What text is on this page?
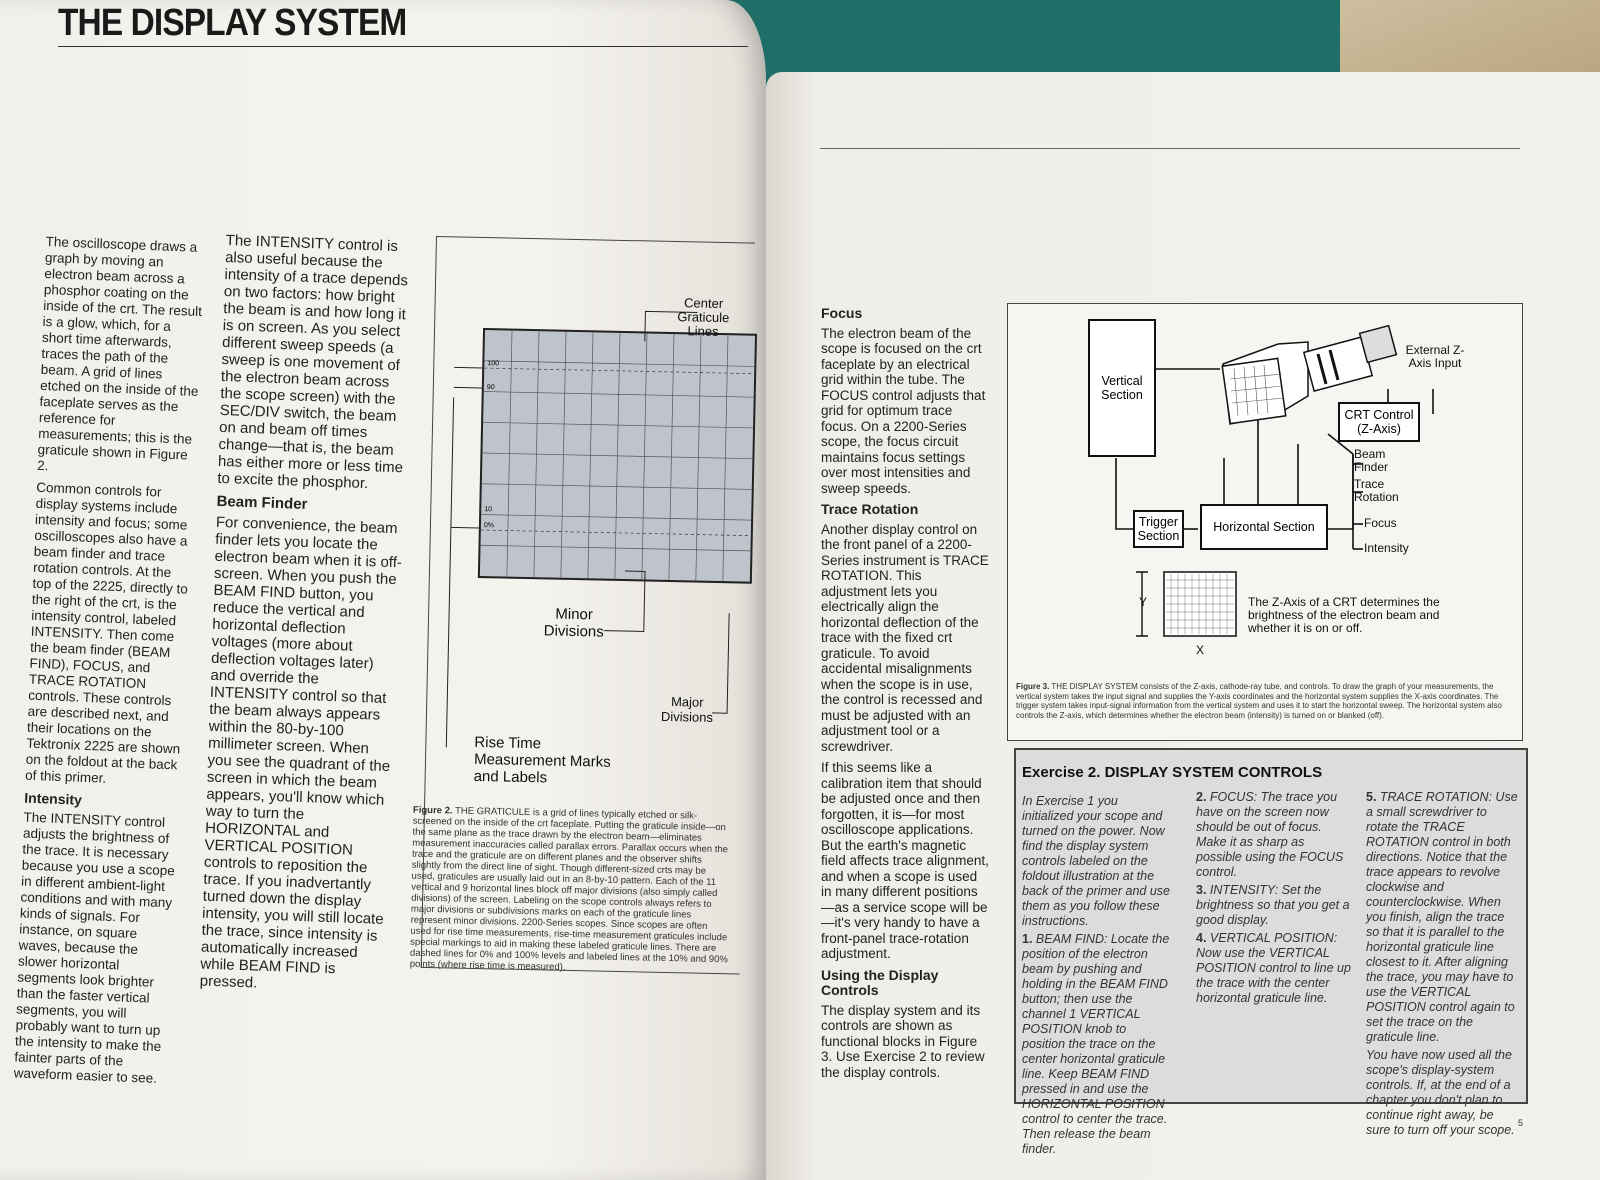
THE DISPLAY SYSTEM

The oscilloscope draws a graph by moving an electron beam across a phosphor coating on the inside of the crt. The result is a glow, which, for a short time afterwards, traces the path of the beam. A grid of lines etched on the inside of the faceplate serves as the reference for measurements; this is the graticule shown in Figure 2.

Common controls for display systems include intensity and focus; some oscilloscopes also have a beam finder and trace rotation controls. At the top of the 2225, directly to the right of the crt, is the intensity control, labeled INTENSITY. Then come the beam finder (BEAM FIND), FOCUS, and TRACE ROTATION controls. These controls are described next, and their locations on the Tektronix 2225 are shown on the foldout at the back of this primer.

Intensity

The INTENSITY control adjusts the brightness of the trace. It is necessary because you use a scope in different ambient-light conditions and with many kinds of signals. For instance, on square waves, because the slower horizontal segments look brighter than the faster vertical segments, you will probably want to turn up the intensity to make the fainter parts of the waveform easier to see.

The INTENSITY control is also useful because the intensity of a trace depends on two factors: how bright the beam is and how long it is on screen. As you select different sweep speeds (a sweep is one movement of the electron beam across the scope screen) with the SEC/DIV switch, the beam on and beam off times change—that is, the beam has either more or less time to excite the phosphor.

Beam Finder

For convenience, the beam finder lets you locate the electron beam when it is off-screen. When you push the BEAM FIND button, you reduce the vertical and horizontal deflection voltages (more about deflection voltages later) and override the INTENSITY control so that the beam always appears within the 80-by-100 millimeter screen. When you see the quadrant of the screen in which the beam appears, you'll know which way to turn the HORIZONTAL and VERTICAL POSITION controls to reposition the trace. If you inadvertantly turned down the display intensity, you will still locate the trace, since intensity is automatically increased while BEAM FIND is pressed.

100
90
10
0%
Center Graticule Lines
Minor Divisions
Major Divisions
Rise Time Measurement Marks and Labels
Figure 2. THE GRATICULE is a grid of lines typically etched or silk-screened on the inside of the crt faceplate. Putting the graticule inside—on the same plane as the trace drawn by the electron beam—eliminates measurement inaccuracies called parallax errors. Parallax occurs when the trace and the graticule are on different planes and the observer shifts slightly from the direct line of sight. Though different-sized crts may be used, graticules are usually laid out in an 8-by-10 pattern. Each of the 11 vertical and 9 horizontal lines block off major divisions (also simply called divisions) of the screen. Labeling on the scope controls always refers to major divisions or subdivisions marks on each of the graticule lines represent minor divisions. 2200-Series scopes. Since scopes are often used for rise time measurements, rise-time measurement graticules include special markings to aid in making these labeled graticule lines. There are dashed lines for 0% and 100% levels and labeled lines at the 10% and 90% points (where rise time is measured).
Focus

The electron beam of the scope is focused on the crt faceplate by an electrical grid within the tube. The FOCUS control adjusts that grid for optimum trace focus. On a 2200-Series scope, the focus circuit maintains focus settings over most intensities and sweep speeds.

Trace Rotation

Another display control on the front panel of a 2200-Series instrument is TRACE ROTATION. This adjustment lets you electrically align the horizontal deflection of the trace with the fixed crt graticule. To avoid accidental misalignments when the scope is in use, the control is recessed and must be adjusted with an adjustment tool or a screwdriver.

If this seems like a calibration item that should be adjusted once and then forgotten, it is—for most oscilloscope applications. But the earth's magnetic field affects trace alignment, and when a scope is used in many different positions—as a service scope will be—it's very handy to have a front-panel trace-rotation adjustment.

Using the Display Controls

The display system and its controls are shown as functional blocks in Figure 3. Use Exercise 2 to review the display controls.

Vertical Section
Trigger Section
Horizontal Section
CRT Control (Z-Axis)
External Z-Axis Input
Beam Finder
Trace Rotation
Focus
Intensity
Y
X
The Z-Axis of a CRT determines the brightness of the electron beam and whether it is on or off.
Figure 3. THE DISPLAY SYSTEM consists of the Z-axis, cathode-ray tube, and controls. To draw the graph of your measurements, the vertical system takes the input signal and supplies the Y-axis coordinates and the horizontal system supplies the X-axis coordinates. The trigger system takes input-signal information from the vertical system and uses it to start the horizontal sweep. The horizontal system also controls the Z-axis, which determines whether the electron beam (intensity) is turned on or blanked (off).
Exercise 2. DISPLAY SYSTEM CONTROLS

In Exercise 1 you initialized your scope and turned on the power. Now find the display system controls labeled on the foldout illustration at the back of the primer and use them as you follow these instructions.

1. BEAM FIND: Locate the position of the electron beam by pushing and holding in the BEAM FIND button; then use the channel 1 VERTICAL POSITION knob to position the trace on the center horizontal graticule line. Keep BEAM FIND pressed in and use the HORIZONTAL POSITION control to center the trace. Then release the beam finder.

2. FOCUS: The trace you have on the screen now should be out of focus. Make it as sharp as possible using the FOCUS control.

3. INTENSITY: Set the brightness so that you get a good display.

4. VERTICAL POSITION: Now use the VERTICAL POSITION control to line up the trace with the center horizontal graticule line.

5. TRACE ROTATION: Use a small screwdriver to rotate the TRACE ROTATION control in both directions. Notice that the trace appears to revolve clockwise and counterclockwise. When you finish, align the trace so that it is parallel to the horizontal graticule line closest to it. After aligning the trace, you may have to use the VERTICAL POSITION control again to set the trace on the graticule line.

You have now used all the scope's display-system controls. If, at the end of a chapter you don't plan to continue right away, be sure to turn off your scope. 5
